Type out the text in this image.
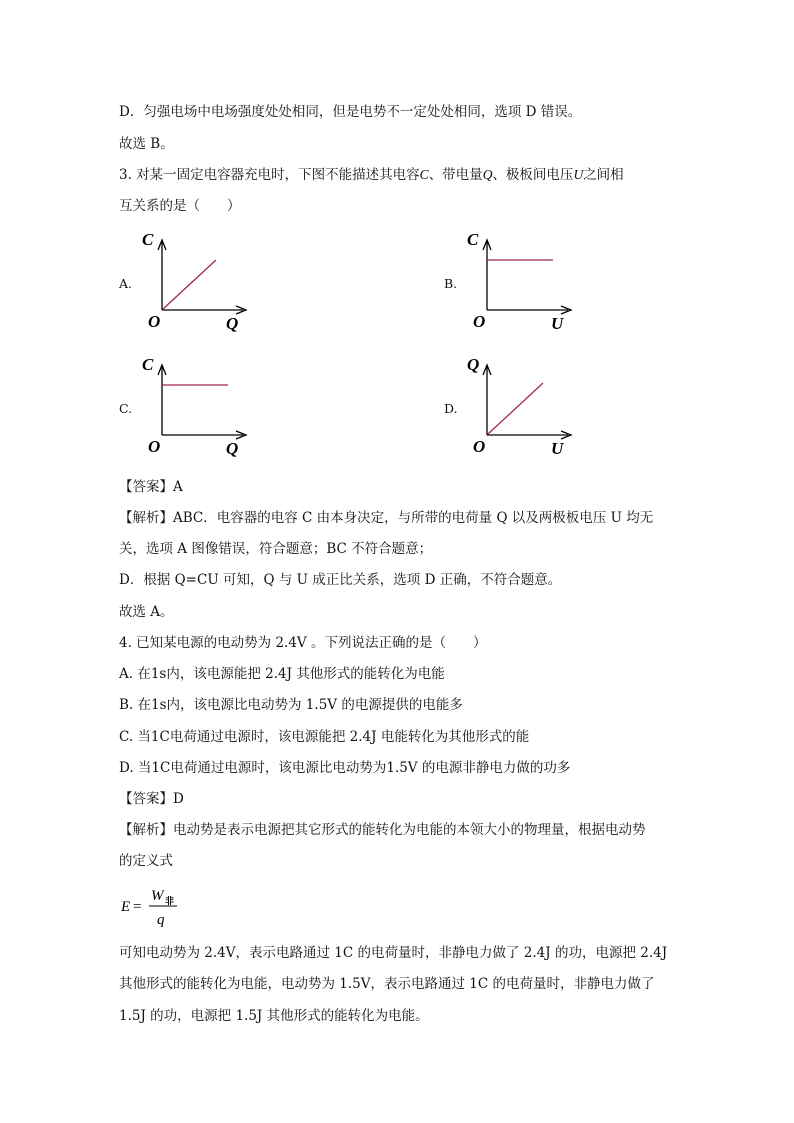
D．匀强电场中电场强度处处相同，但是电势不一定处处相同，选项 D 错误。
故选 B。
3. 对某一固定电容器充电时，下图不能描述其电容C、带电量Q、极板间电压U之间相
互关系的是（　　）
A.
C
O	Q
B.
C
O	U
C.
C
O	Q
D.
Q
O	U
【答案】A
【解析】ABC．电容器的电容 C 由本身决定，与所带的电荷量 Q 以及两极板电压 U 均无
关，选项 A 图像错误，符合题意；BC 不符合题意；
D．根据 Q=CU 可知，Q 与 U 成正比关系，选项 D 正确，不符合题意。
故选 A。
4. 已知某电源的电动势为 2.4V 。下列说法正确的是（　　）
A. 在1s内，该电源能把 2.4J 其他形式的能转化为电能
B. 在1s内，该电源比电动势为 1.5V 的电源提供的电能多
C. 当1C电荷通过电源时，该电源能把 2.4J 电能转化为其他形式的能
D. 当1C电荷通过电源时，该电源比电动势为1.5V 的电源非静电力做的功多
【答案】D
【解析】电动势是表示电源把其它形式的能转化为电能的本领大小的物理量，根据电动势
的定义式
E =
W 非
q
可知电动势为 2.4V，表示电路通过 1C 的电荷量时，非静电力做了 2.4J 的功，电源把 2.4J
其他形式的能转化为电能，电动势为 1.5V，表示电路通过 1C 的电荷量时，非静电力做了
1.5J 的功，电源把 1.5J 其他形式的能转化为电能。
